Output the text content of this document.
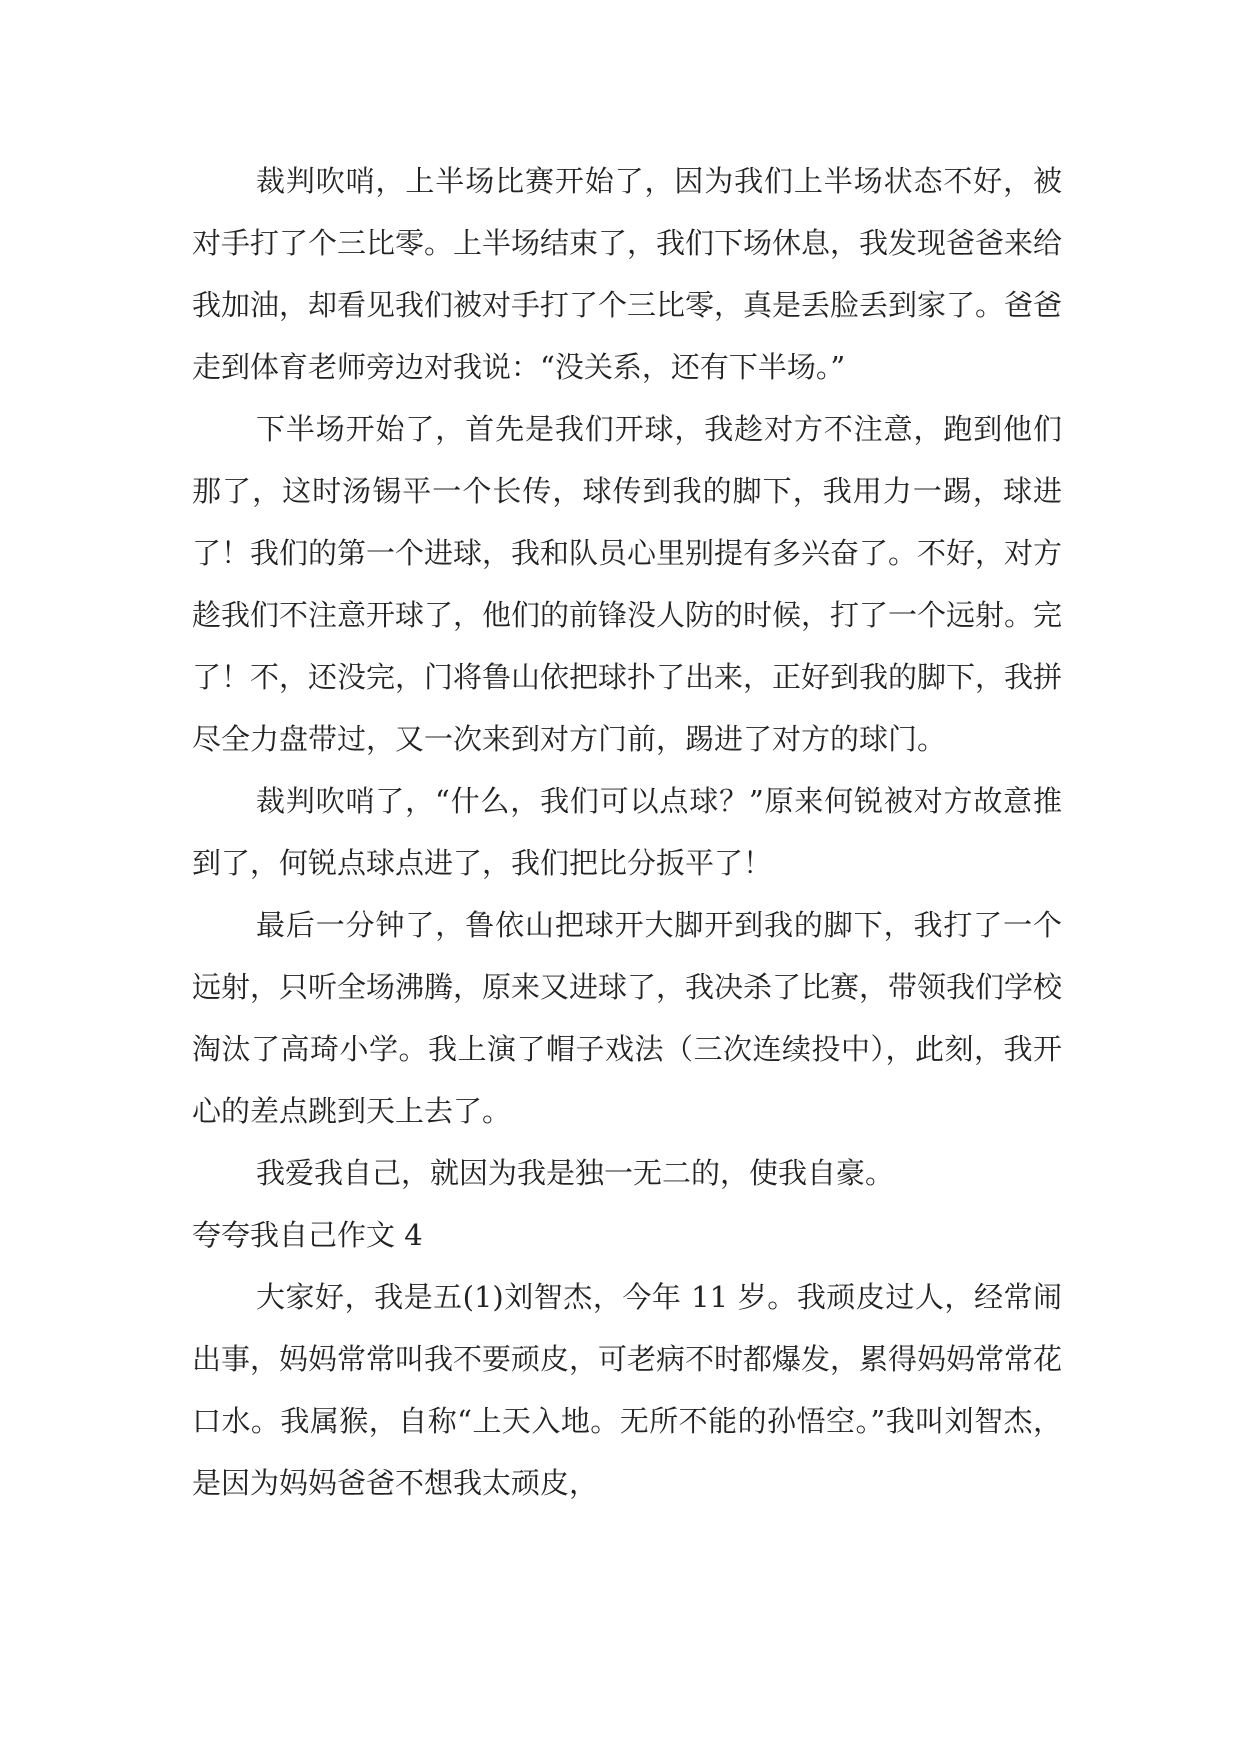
裁判吹哨，上半场比赛开始了，因为我们上半场状态不好，被对手打了个三比零。上半场结束了，我们下场休息，我发现爸爸来给我加油，却看见我们被对手打了个三比零，真是丢脸丢到家了。爸爸走到体育老师旁边对我说：“没关系，还有下半场。”

下半场开始了，首先是我们开球，我趁对方不注意，跑到他们那了，这时汤锡平一个长传，球传到我的脚下，我用力一踢，球进了！我们的第一个进球，我和队员心里别提有多兴奋了。不好，对方趁我们不注意开球了，他们的前锋没人防的时候，打了一个远射。完了！不，还没完，门将鲁山依把球扑了出来，正好到我的脚下，我拼尽全力盘带过，又一次来到对方门前，踢进了对方的球门。

裁判吹哨了，“什么，我们可以点球？”原来何锐被对方故意推到了，何锐点球点进了，我们把比分扳平了！

最后一分钟了，鲁依山把球开大脚开到我的脚下，我打了一个远射，只听全场沸腾，原来又进球了，我决杀了比赛，带领我们学校淘汰了高琦小学。我上演了帽子戏法（三次连续投中），此刻，我开心的差点跳到天上去了。

我爱我自己，就因为我是独一无二的，使我自豪。

夸夸我自己作文 4

大家好，我是五(1)刘智杰，今年 11 岁。我顽皮过人，经常闹出事，妈妈常常叫我不要顽皮，可老病不时都爆发，累得妈妈常常花口水。我属猴，自称“上天入地。无所不能的孙悟空。”我叫刘智杰，是因为妈妈爸爸不想我太顽皮，
